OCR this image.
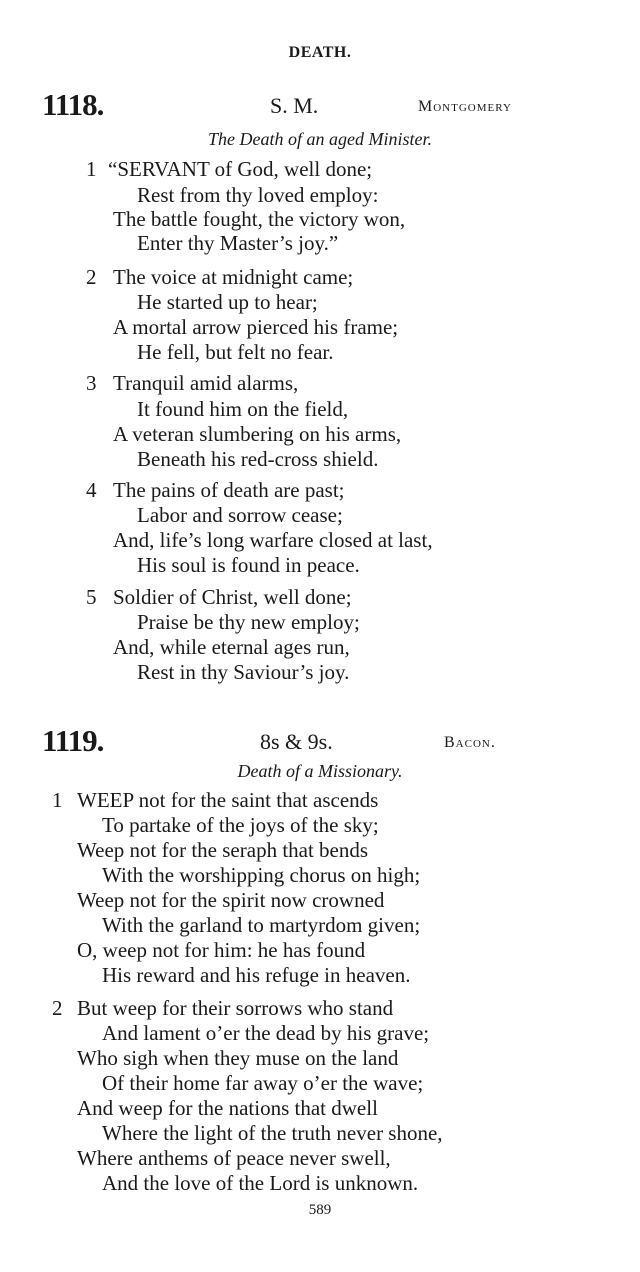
DEATH.
1118.	S. M.	Montgomery
The Death of an aged Minister.
1 “SERVANT of God, well done;
Rest from thy loved employ:
The battle fought, the victory won,
Enter thy Master’s joy.”
2 The voice at midnight came;
He started up to hear;
A mortal arrow pierced his frame;
He fell, but felt no fear.
3 Tranquil amid alarms,
It found him on the field,
A veteran slumbering on his arms,
Beneath his red-cross shield.
4 The pains of death are past;
Labor and sorrow cease;
And, life’s long warfare closed at last,
His soul is found in peace.
5 Soldier of Christ, well done;
Praise be thy new employ;
And, while eternal ages run,
Rest in thy Saviour’s joy.
1119.	8s & 9s.	Bacon.
Death of a Missionary.
1 WEEP not for the saint that ascends
To partake of the joys of the sky;
Weep not for the seraph that bends
With the worshipping chorus on high;
Weep not for the spirit now crowned
With the garland to martyrdom given;
O, weep not for him: he has found
His reward and his refuge in heaven.
2 But weep for their sorrows who stand
And lament o’er the dead by his grave;
Who sigh when they muse on the land
Of their home far away o’er the wave;
And weep for the nations that dwell
Where the light of the truth never shone,
Where anthems of peace never swell,
And the love of the Lord is unknown.
589
